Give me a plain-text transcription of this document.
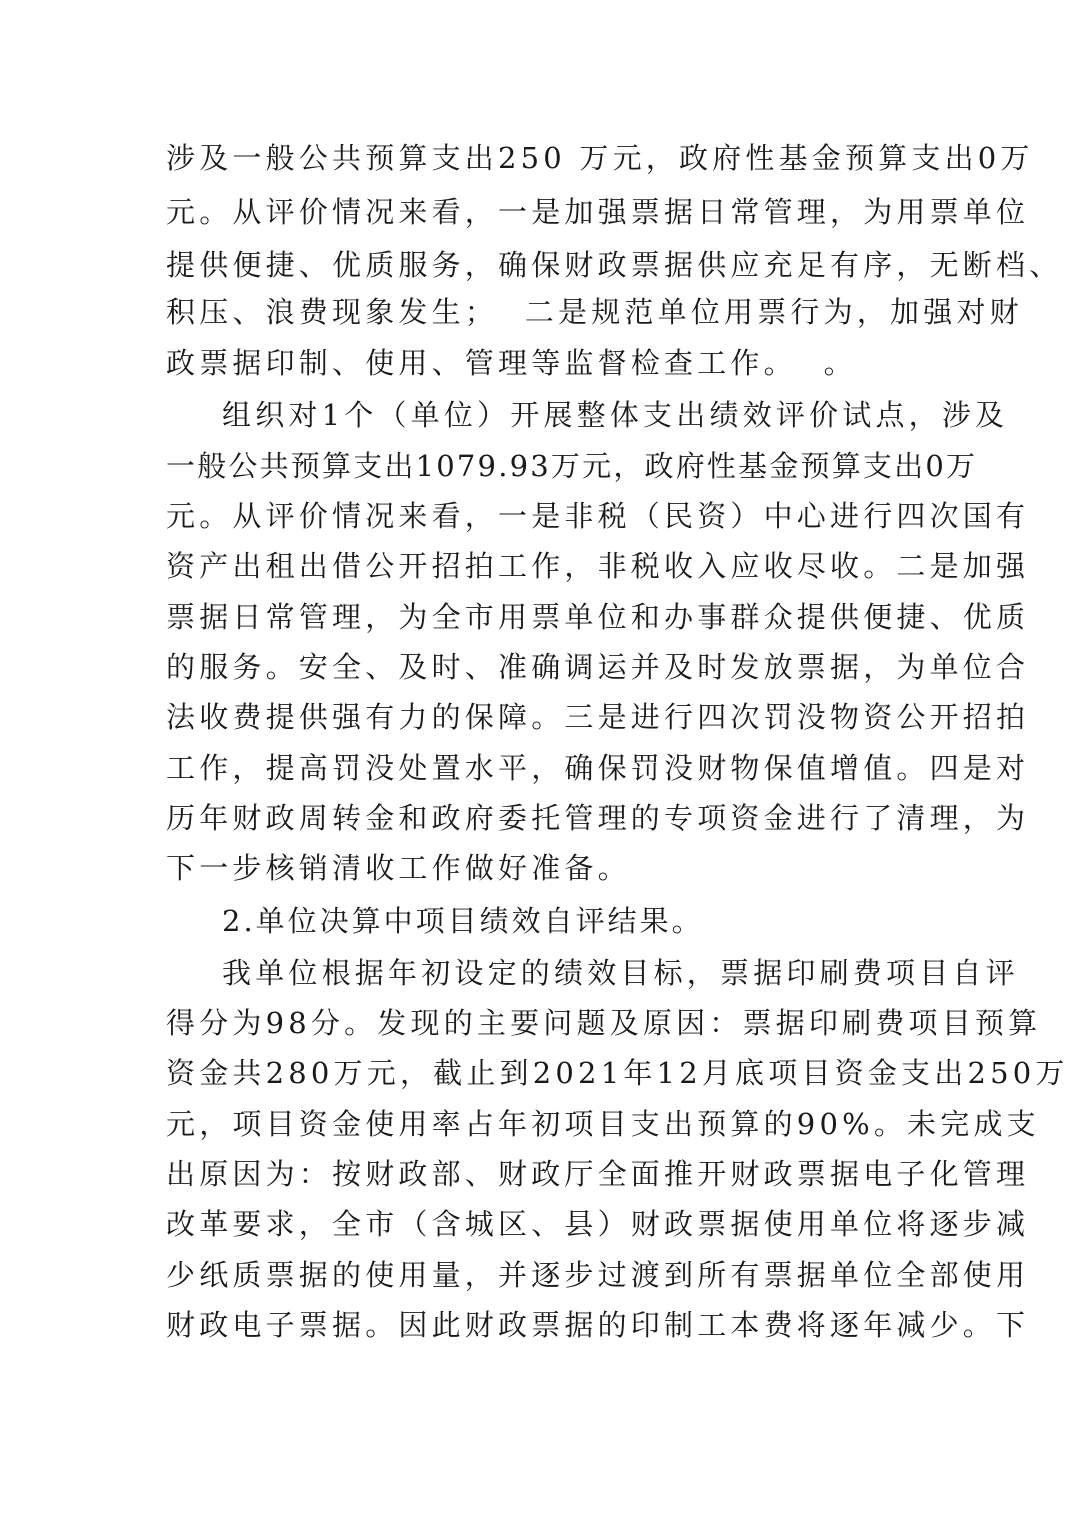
涉及一般公共预算支出250 万元，政府性基金预算支出0万
元。从评价情况来看，一是加强票据日常管理，为用票单位
提供便捷、优质服务，确保财政票据供应充足有序，无断档、
积压、浪费现象发生；  二是规范单位用票行为，加强对财
政票据印制、使用、管理等监督检查工作。  。
组织对1个（单位）开展整体支出绩效评价试点，涉及
一般公共预算支出1079.93万元，政府性基金预算支出0万
元。从评价情况来看，一是非税（民资）中心进行四次国有
资产出租出借公开招拍工作，非税收入应收尽收。二是加强
票据日常管理，为全市用票单位和办事群众提供便捷、优质
的服务。安全、及时、准确调运并及时发放票据，为单位合
法收费提供强有力的保障。三是进行四次罚没物资公开招拍
工作，提高罚没处置水平，确保罚没财物保值增值。四是对
历年财政周转金和政府委托管理的专项资金进行了清理，为
下一步核销清收工作做好准备。
2.单位决算中项目绩效自评结果。
我单位根据年初设定的绩效目标，票据印刷费项目自评
得分为98分。发现的主要问题及原因：票据印刷费项目预算
资金共280万元，截止到2021年12月底项目资金支出250万
元，项目资金使用率占年初项目支出预算的90%。未完成支
出原因为：按财政部、财政厅全面推开财政票据电子化管理
改革要求，全市（含城区、县）财政票据使用单位将逐步减
少纸质票据的使用量，并逐步过渡到所有票据单位全部使用
财政电子票据。因此财政票据的印制工本费将逐年减少。下
